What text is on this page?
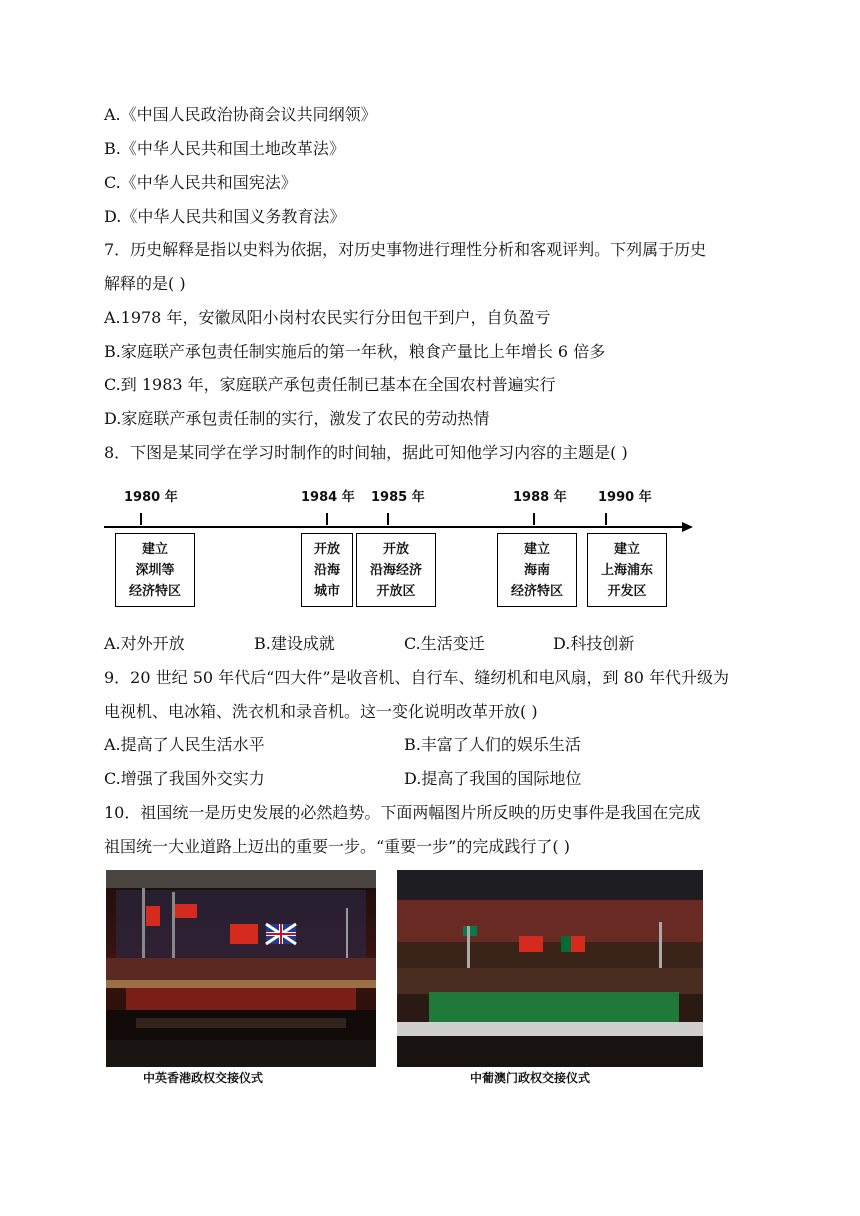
A.《中国人民政治协商会议共同纲领》
B.《中华人民共和国土地改革法》
C.《中华人民共和国宪法》
D.《中华人民共和国义务教育法》
7．历史解释是指以史料为依据，对历史事物进行理性分析和客观评判。下列属于历史
解释的是( )
A.1978 年，安徽凤阳小岗村农民实行分田包干到户，自负盈亏
B.家庭联产承包责任制实施后的第一年秋，粮食产量比上年增长 6 倍多
C.到 1983 年，家庭联产承包责任制已基本在全国农村普遍实行
D.家庭联产承包责任制的实行，激发了农民的劳动热情
8．下图是某同学在学习时制作的时间轴，据此可知他学习内容的主题是( )
1980 年	1984 年 1985 年	1988 年 1990 年
建立
深圳等
经济特区
开放
沿海
城市
开放
沿海经济
开放区
建立
海南
经济特区
建立
上海浦东
开发区
A.对外开放	B.建设成就	C.生活变迁	D.科技创新
9．20 世纪 50 年代后“四大件”是收音机、自行车、缝纫机和电风扇，到 80 年代升级为
电视机、电冰箱、洗衣机和录音机。这一变化说明改革开放( )
A.提高了人民生活水平	B.丰富了人们的娱乐生活
C.增强了我国外交实力	D.提高了我国的国际地位
10．祖国统一是历史发展的必然趋势。下面两幅图片所反映的历史事件是我国在完成
祖国统一大业道路上迈出的重要一步。“重要一步”的完成践行了( )
中英香港政权交接仪式	中葡澳门政权交接仪式
